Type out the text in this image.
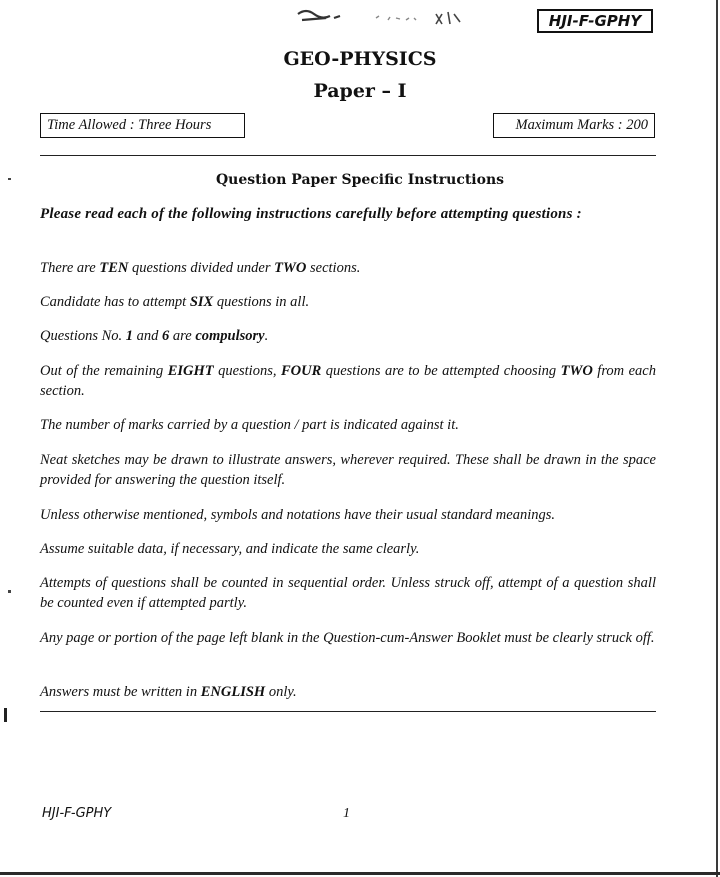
HJI-F-GPHY
GEO-PHYSICS
Paper – I
Time Allowed : Three Hours	Maximum Marks : 200
Question Paper Specific Instructions
Please read each of the following instructions carefully before attempting questions :
There are TEN questions divided under TWO sections.
Candidate has to attempt SIX questions in all.
Questions No. 1 and 6 are compulsory.
Out of the remaining EIGHT questions, FOUR questions are to be attempted choosing TWO from each section.
The number of marks carried by a question / part is indicated against it.
Neat sketches may be drawn to illustrate answers, wherever required. These shall be drawn in the space provided for answering the question itself.
Unless otherwise mentioned, symbols and notations have their usual standard meanings.
Assume suitable data, if necessary, and indicate the same clearly.
Attempts of questions shall be counted in sequential order. Unless struck off, attempt of a question shall be counted even if attempted partly.
Any page or portion of the page left blank in the Question-cum-Answer Booklet must be clearly struck off.
Answers must be written in ENGLISH only.
HJI-F-GPHY	1
